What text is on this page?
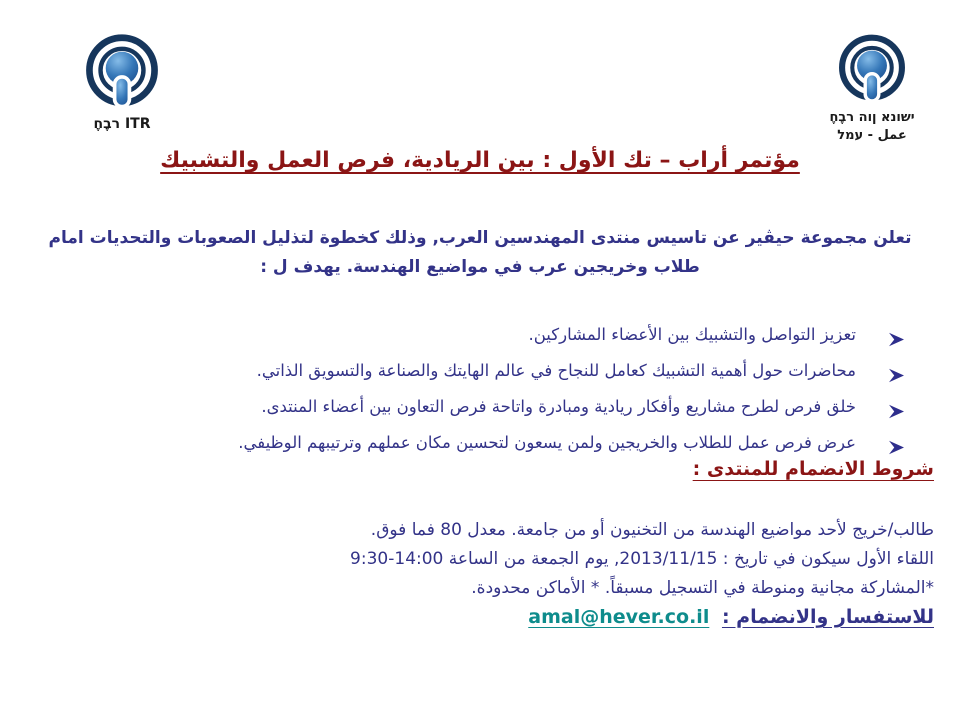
חֶבֶר ITR	חֶבֶר הון אנושי
عمل - עמל
مؤتمر أراب – تك الأول : بين الريادية، فرص العمل والتشبيك

تعلن مجموعة حيڤير عن تاسيس منتدى المهندسين العرب, وذلك كخطوة لتذليل الصعوبات والتحديات امام طلاب وخريجين عرب في مواضيع الهندسة. يهدف ل :

تعزيز التواصل والتشبيك بين الأعضاء المشاركين.
محاضرات حول أهمية التشبيك كعامل للنجاح في عالم الهايتك والصناعة والتسويق الذاتي.
خلق فرص لطرح مشاريع وأفكار ريادية ومبادرة واتاحة فرص التعاون بين أعضاء المنتدى.
عرض فرص عمل للطلاب والخريجين ولمن يسعون لتحسين مكان عملهم وترتيبهم الوظيفي.
شروط الانضمام للمنتدى :
طالب/خريج لأحد مواضيع الهندسة من التخنيون أو من جامعة. معدل 80 فما فوق.
اللقاء الأول سيكون في تاريخ : 2013/11/15, يوم الجمعة من الساعة 14:00-9:30
*المشاركة مجانية ومنوطة في التسجيل مسبقاً. * الأماكن محدودة.
للاستفسار والانضمام : amal@hever.co.il
